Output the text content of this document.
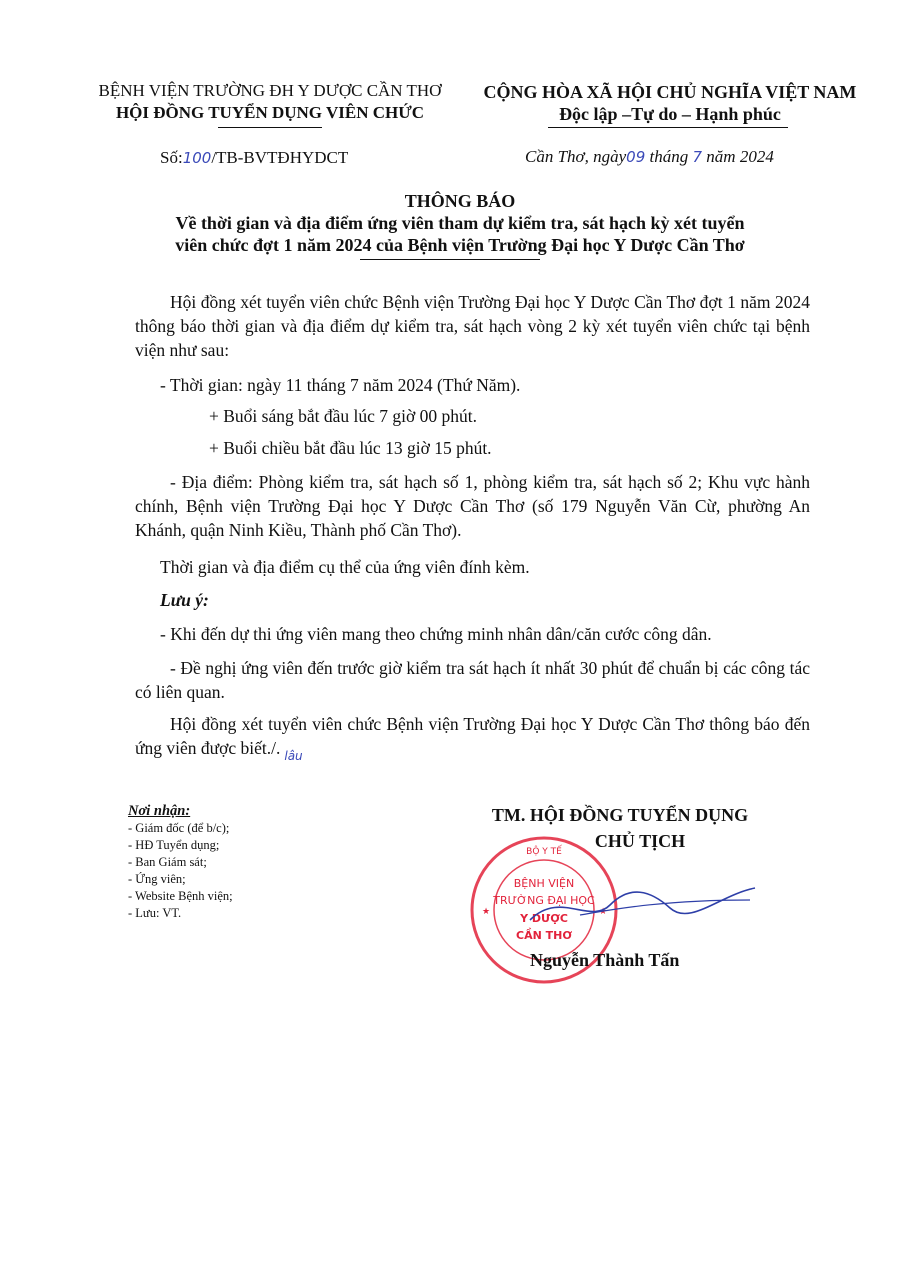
BỆNH VIỆN TRƯỜNG ĐH Y DƯỢC CẦN THƠ
HỘI ĐỒNG TUYỂN DỤNG VIÊN CHỨC
CỘNG HÒA XÃ HỘI CHỦ NGHĨA VIỆT NAM
Độc lập –Tự do – Hạnh phúc
Số:100/TB-BVTĐHYDCT	Cần Thơ, ngày09 tháng 7 năm 2024
THÔNG BÁO
Về thời gian và địa điểm ứng viên tham dự kiểm tra, sát hạch kỳ xét tuyển
viên chức đợt 1 năm 2024 của Bệnh viện Trường Đại học Y Dược Cần Thơ
Hội đồng xét tuyển viên chức Bệnh viện Trường Đại học Y Dược Cần Thơ đợt 1 năm 2024 thông báo thời gian và địa điểm dự kiểm tra, sát hạch vòng 2 kỳ xét tuyển viên chức tại bệnh viện như sau:
- Thời gian: ngày 11 tháng 7 năm 2024 (Thứ Năm).
+ Buổi sáng bắt đầu lúc 7 giờ 00 phút.
+ Buổi chiều bắt đầu lúc 13 giờ 15 phút.
- Địa điểm: Phòng kiểm tra, sát hạch số 1, phòng kiểm tra, sát hạch số 2; Khu vực hành chính, Bệnh viện Trường Đại học Y Dược Cần Thơ (số 179 Nguyễn Văn Cừ, phường An Khánh, quận Ninh Kiều, Thành phố Cần Thơ).
Thời gian và địa điểm cụ thể của ứng viên đính kèm.
Lưu ý:
- Khi đến dự thi ứng viên mang theo chứng minh nhân dân/căn cước công dân.
- Đề nghị ứng viên đến trước giờ kiểm tra sát hạch ít nhất 30 phút để chuẩn bị các công tác có liên quan.
Hội đồng xét tuyển viên chức Bệnh viện Trường Đại học Y Dược Cần Thơ thông báo đến ứng viên được biết./. $_{lâu}$
Nơi nhận:
- Giám đốc (để b/c);
- HĐ Tuyển dụng;
- Ban Giám sát;
- Ứng viên;
- Website Bệnh viện;
- Lưu: VT.
TM. HỘI ĐỒNG TUYỂN DỤNG
CHỦ TỊCH
BỘ Y TẾ
BỆNH VIỆN
TRƯỜNG ĐẠI HỌC
Y DƯỢC
CẦN THƠ
★	★
Nguyễn Thành Tấn
